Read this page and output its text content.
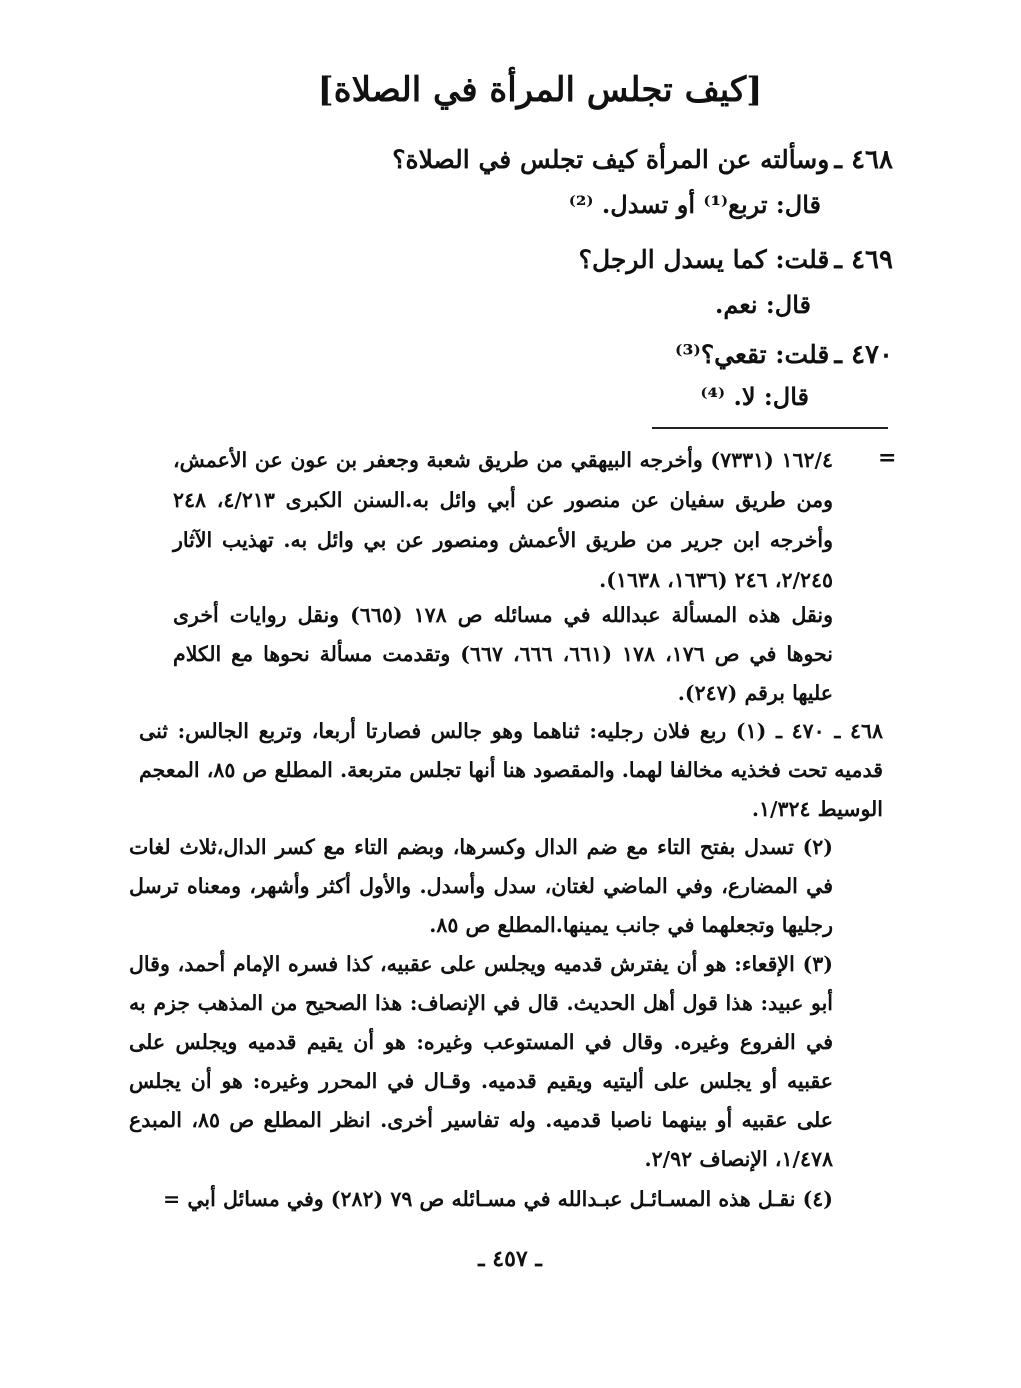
[كيف تجلس المرأة في الصلاة]
٤٦٨ ـ وسألته عن المرأة كيف تجلس في الصلاة؟
قال: تربع⁽¹⁾ أو تسدل. ⁽²⁾
٤٦٩ ـ قلت: كما يسدل الرجل؟
قال: نعم.
٤٧٠ ـ قلت: تقعي؟⁽³⁾
قال: لا. ⁽⁴⁾
=
١٦٢/٤ (٧٣٣١) وأخرجه البيهقي من طريق شعبة وجعفر بن عون عن الأعمش، ومن طريق سفيان عن منصور عن أبي وائل به.السنن الكبرى ٤/٢١٣، ٢٤٨ وأخرجه ابن جرير من طريق الأعمش ومنصور عن بي وائل به. تهذيب الآثار ٢/٢٤٥، ٢٤٦ (١٦٣٦، ١٦٣٨).
ونقل هذه المسألة عبدالله في مسائله ص ١٧٨ (٦٦٥) ونقل روايات أخرى نحوها في ص ١٧٦، ١٧٨ (٦٦١، ٦٦٦، ٦٦٧) وتقدمت مسألة نحوها مع الكلام عليها برقم (٢٤٧).
٤٦٨ ـ ٤٧٠ ـ (١) ربع فلان رجليه: ثناهما وهو جالس فصارتا أربعا، وتربع الجالس: ثنى قدميه تحت فخذيه مخالفا لهما. والمقصود هنا أنها تجلس متربعة. المطلع ص ٨٥، المعجم الوسيط ١/٣٢٤.
(٢) تسدل بفتح التاء مع ضم الدال وكسرها، وبضم التاء مع كسر الدال،ثلاث لغات في المضارع، وفي الماضي لغتان، سدل وأسدل. والأول أكثر وأشهر، ومعناه ترسل رجليها وتجعلهما في جانب يمينها.المطلع ص ٨٥.
(٣) الإقعاء: هو أن يفترش قدميه ويجلس على عقبيه، كذا فسره الإمام أحمد، وقال أبو عبيد: هذا قول أهل الحديث. قال في الإنصاف: هذا الصحيح من المذهب جزم به في الفروع وغيره. وقال في المستوعب وغيره: هو أن يقيم قدميه ويجلس على عقبيه أو يجلس على أليتيه ويقيم قدميه. وقـال في المحرر وغيره: هو أن يجلس على عقبيه أو بينهما ناصبا قدميه. وله تفاسير أخرى. انظر المطلع ص ٨٥، المبدع ١/٤٧٨، الإنصاف ٢/٩٢.
(٤) نقـل هذه المسـائـل عبـدالله في مسـائله ص ٧٩ (٢٨٢) وفي مسائل أبي =
ـ ٤٥٧ ـ
